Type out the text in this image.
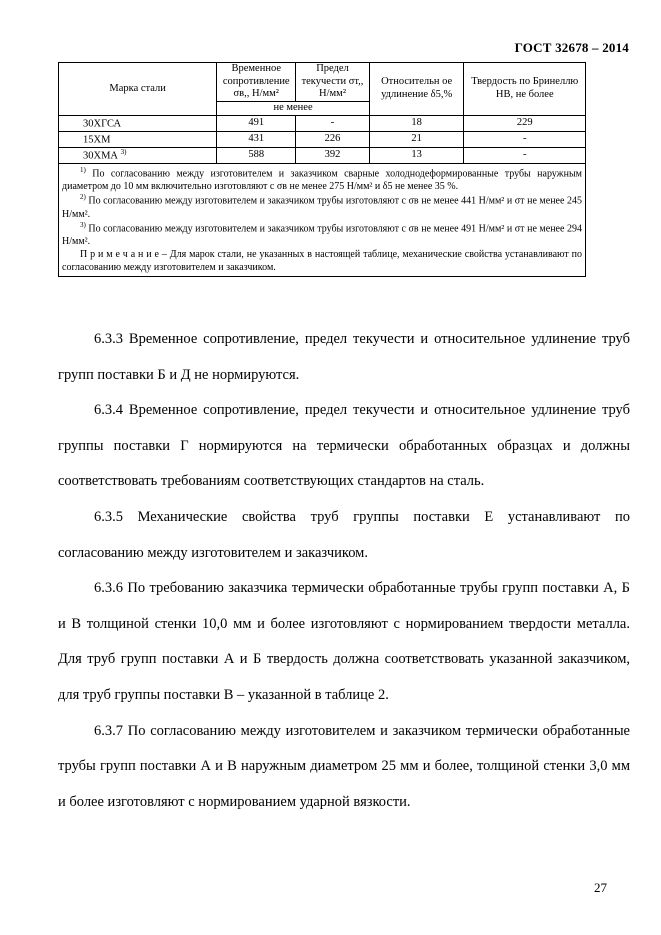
ГОСТ 32678 – 2014
Марка стали	Временное сопротивление σв,, Н/мм²	Предел текучести σт,, Н/мм²	Относительн ое удлинение δ5,%	Твердость по Бринеллю НВ, не более
	не менее			
30ХГСА	491	-	18	229
15ХМ	431	226	21	-
30ХМА $^{3)}$	588	392	13	-

$^{1)}$ По согласованию между изготовителем и заказчиком сварные холоднодеформированные трубы наружным диаметром до 10 мм включительно изготовляют с σв не менее 275 Н/мм² и δ5 не менее 35 %.

$^{2)}$ По согласованию между изготовителем и заказчиком трубы изготовляют с σв не менее 441 Н/мм² и σт не менее 245 Н/мм².

$^{3)}$ По согласованию между изготовителем и заказчиком трубы изготовляют с σв не менее 491 Н/мм² и σт не менее 294 Н/мм².

П р и м е ч а н и е – Для марок стали, не указанных в настоящей таблице, механические свойства устанавливают по согласованию между изготовителем и заказчиком.				

6.3.3 Временное сопротивление, предел текучести и относительное удлинение труб групп поставки Б и Д не нормируются.

6.3.4 Временное сопротивление, предел текучести и относительное удлинение труб группы поставки Г нормируются на термически обработанных образцах и должны соответствовать требованиям соответствующих стандартов на сталь.

6.3.5 Механические свойства труб группы поставки Е устанавливают по согласованию между изготовителем и заказчиком.

6.3.6 По требованию заказчика термически обработанные трубы групп поставки А, Б и В толщиной стенки 10,0 мм и более изготовляют с нормированием твердости металла. Для труб групп поставки А и Б твердость должна соответствовать указанной заказчиком, для труб группы поставки В – указанной в таблице 2.

6.3.7 По согласованию между изготовителем и заказчиком термически обработанные трубы групп поставки А и В наружным диаметром 25 мм и более, толщиной стенки 3,0 мм и более изготовляют с нормированием ударной вязкости.

27
